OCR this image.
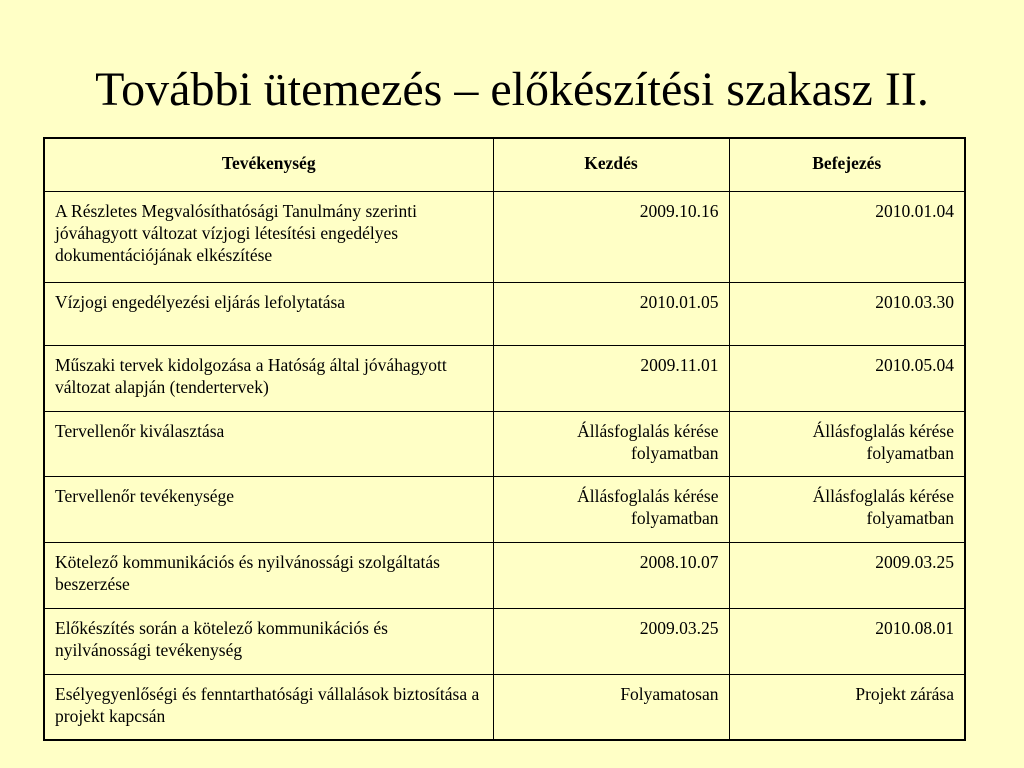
További ütemezés – előkészítési szakasz II.
Tevékenység	Kezdés	Befejezés
A Részletes Megvalósíthatósági Tanulmány szerinti jóváhagyott változat vízjogi létesítési engedélyes dokumentációjának elkészítése	2009.10.16	2010.01.04
Vízjogi engedélyezési eljárás lefolytatása	2010.01.05	2010.03.30
Műszaki tervek kidolgozása a Hatóság által jóváhagyott változat alapján (tendertervek)	2009.11.01	2010.05.04
Tervellenőr kiválasztása	Állásfoglalás kérése folyamatban	Állásfoglalás kérése folyamatban
Tervellenőr tevékenysége	Állásfoglalás kérése folyamatban	Állásfoglalás kérése folyamatban
Kötelező kommunikációs és nyilvánossági szolgáltatás beszerzése	2008.10.07	2009.03.25
Előkészítés során a kötelező kommunikációs és nyilvánossági tevékenység	2009.03.25	2010.08.01
Esélyegyenlőségi és fenntarthatósági vállalások biztosítása a projekt kapcsán	Folyamatosan	Projekt zárása
